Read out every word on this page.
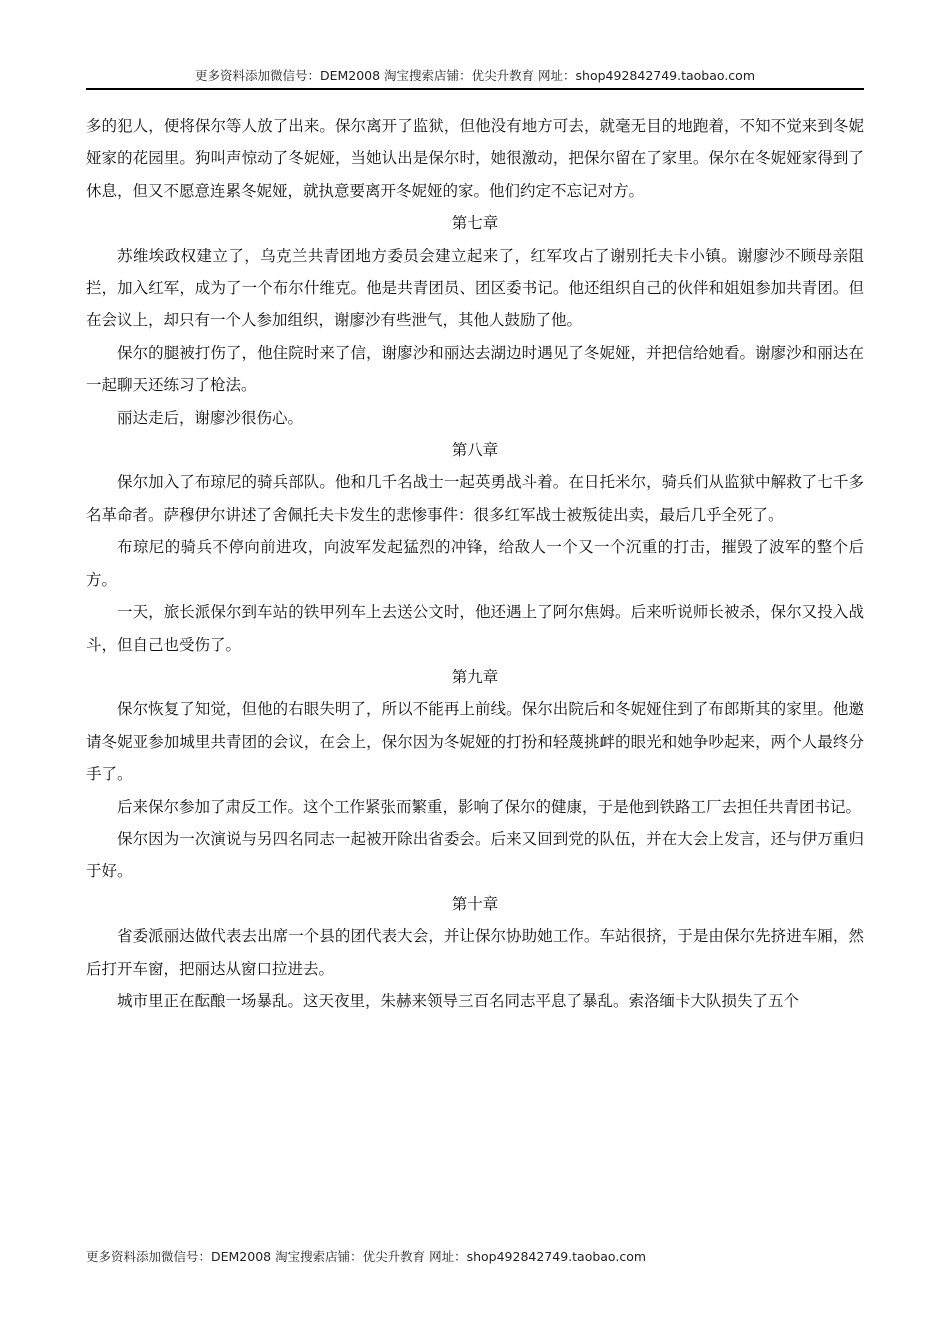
更多资料添加微信号：DEM2008 淘宝搜索店铺：优尖升教育 网址：shop492842749.taobao.com

多的犯人，便将保尔等人放了出来。保尔离开了监狱，但他没有地方可去，就毫无目的地跑着，不知不觉来到冬妮娅家的花园里。狗叫声惊动了冬妮娅，当她认出是保尔时，她很激动，把保尔留在了家里。保尔在冬妮娅家得到了休息，但又不愿意连累冬妮娅，就执意要离开冬妮娅的家。他们约定不忘记对方。

第七章

苏维埃政权建立了，乌克兰共青团地方委员会建立起来了，红军攻占了谢别托夫卡小镇。谢廖沙不顾母亲阻拦，加入红军，成为了一个布尔什维克。他是共青团员、团区委书记。他还组织自己的伙伴和姐姐参加共青团。但在会议上，却只有一个人参加组织，谢廖沙有些泄气，其他人鼓励了他。

保尔的腿被打伤了，他住院时来了信，谢廖沙和丽达去湖边时遇见了冬妮娅，并把信给她看。谢廖沙和丽达在一起聊天还练习了枪法。

丽达走后，谢廖沙很伤心。

第八章

保尔加入了布琼尼的骑兵部队。他和几千名战士一起英勇战斗着。在日托米尔，骑兵们从监狱中解救了七千多名革命者。萨穆伊尔讲述了舍佩托夫卡发生的悲惨事件：很多红军战士被叛徒出卖，最后几乎全死了。

布琼尼的骑兵不停向前进攻，向波军发起猛烈的冲锋，给敌人一个又一个沉重的打击，摧毁了波军的整个后方。

一天，旅长派保尔到车站的铁甲列车上去送公文时，他还遇上了阿尔焦姆。后来听说师长被杀，保尔又投入战斗，但自己也受伤了。

第九章

保尔恢复了知觉，但他的右眼失明了，所以不能再上前线。保尔出院后和冬妮娅住到了布郎斯其的家里。他邀请冬妮亚参加城里共青团的会议，在会上，保尔因为冬妮娅的打扮和轻蔑挑衅的眼光和她争吵起来，两个人最终分手了。

后来保尔参加了肃反工作。这个工作紧张而繁重，影响了保尔的健康，于是他到铁路工厂去担任共青团书记。

保尔因为一次演说与另四名同志一起被开除出省委会。后来又回到党的队伍，并在大会上发言，还与伊万重归于好。

第十章

省委派丽达做代表去出席一个县的团代表大会，并让保尔协助她工作。车站很挤，于是由保尔先挤进车厢，然后打开车窗，把丽达从窗口拉进去。

城市里正在酝酿一场暴乱。这天夜里，朱赫来领导三百名同志平息了暴乱。索洛缅卡大队损失了五个

更多资料添加微信号：DEM2008 淘宝搜索店铺：优尖升教育 网址：shop492842749.taobao.com
